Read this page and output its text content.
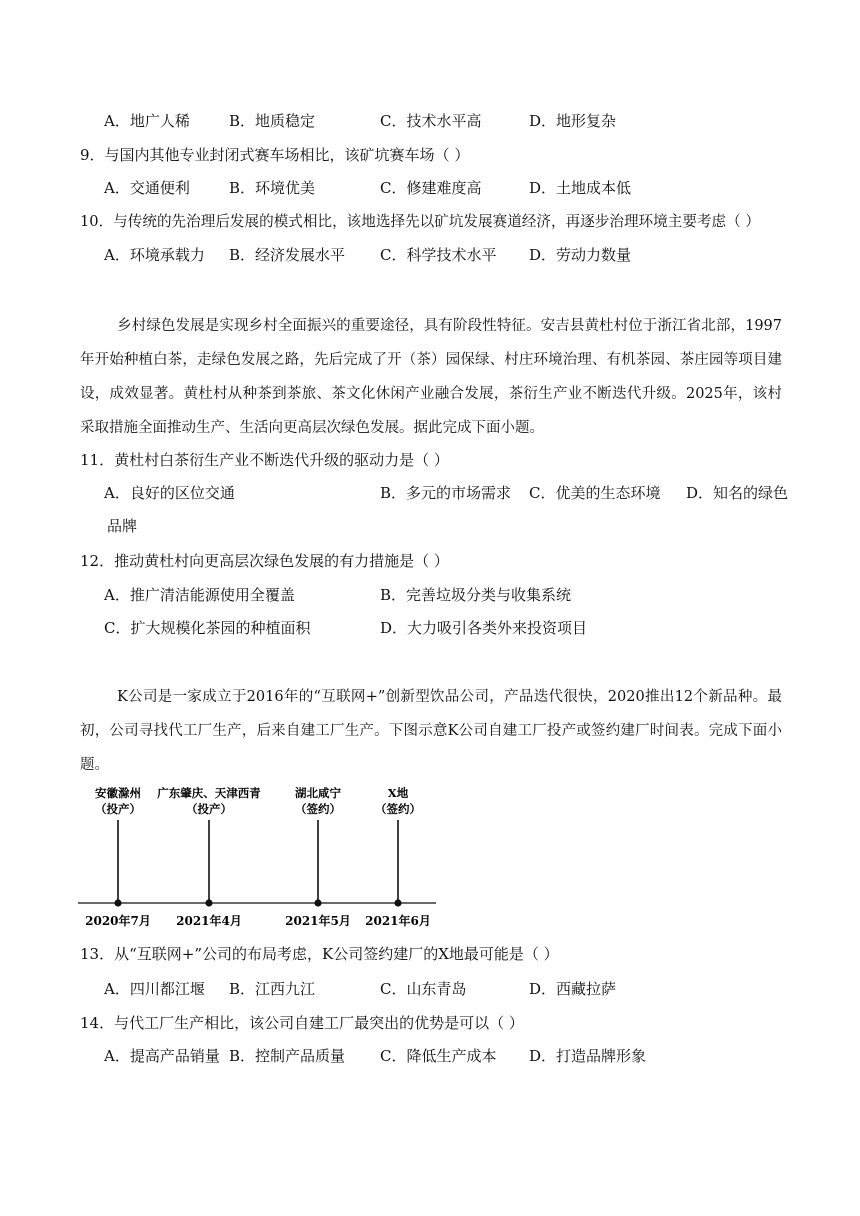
A．地广人稀	B．地质稳定	C．技术水平高	D．地形复杂
9．与国内其他专业封闭式赛车场相比，该矿坑赛车场（ ）
A．交通便利	B．环境优美	C．修建难度高	D．土地成本低
10．与传统的先治理后发展的模式相比，该地选择先以矿坑发展赛道经济，再逐步治理环境主要考虑（ ）
A．环境承载力 B．经济发展水平 C．科学技术水平 D．劳动力数量
乡村绿色发展是实现乡村全面振兴的重要途径，具有阶段性特征。安吉县黄杜村位于浙江省北部，1997年开始种植白茶，走绿色发展之路，先后完成了开（茶）园保绿、村庄环境治理、有机茶园、茶庄园等项目建设，成效显著。黄杜村从种茶到茶旅、茶文化休闲产业融合发展，茶衍生产业不断迭代升级。2025年，该村采取措施全面推动生产、生活向更高层次绿色发展。据此完成下面小题。
11．黄杜村白茶衍生产业不断迭代升级的驱动力是（ ）
A．良好的区位交通	B．多元的市场需求 C．优美的生态环境 D．知名的绿色
品牌
12．推动黄杜村向更高层次绿色发展的有力措施是（ ）
A．推广清洁能源使用全覆盖	B．完善垃圾分类与收集系统
C．扩大规模化茶园的种植面积	D．大力吸引各类外来投资项目
K公司是一家成立于2016年的“互联网+”创新型饮品公司，产品迭代很快，2020推出12个新品种。最初，公司寻找代工厂生产，后来自建工厂生产。下图示意K公司自建工厂投产或签约建厂时间表。完成下面小题。
安徽滁州
（投产）
2020年7月
广东肇庆、天津西青
（投产）
2021年4月
湖北咸宁
（签约）
2021年5月
X地
（签约）
2021年6月
13．从“互联网+”公司的布局考虑，K公司签约建厂的X地最可能是（ ）
A．四川都江堰 B．江西九江	C．山东青岛	D．西藏拉萨
14．与代工厂生产相比，该公司自建工厂最突出的优势是可以（ ）
A．提高产品销量 B．控制产品质量 C．降低生产成本 D．打造品牌形象
